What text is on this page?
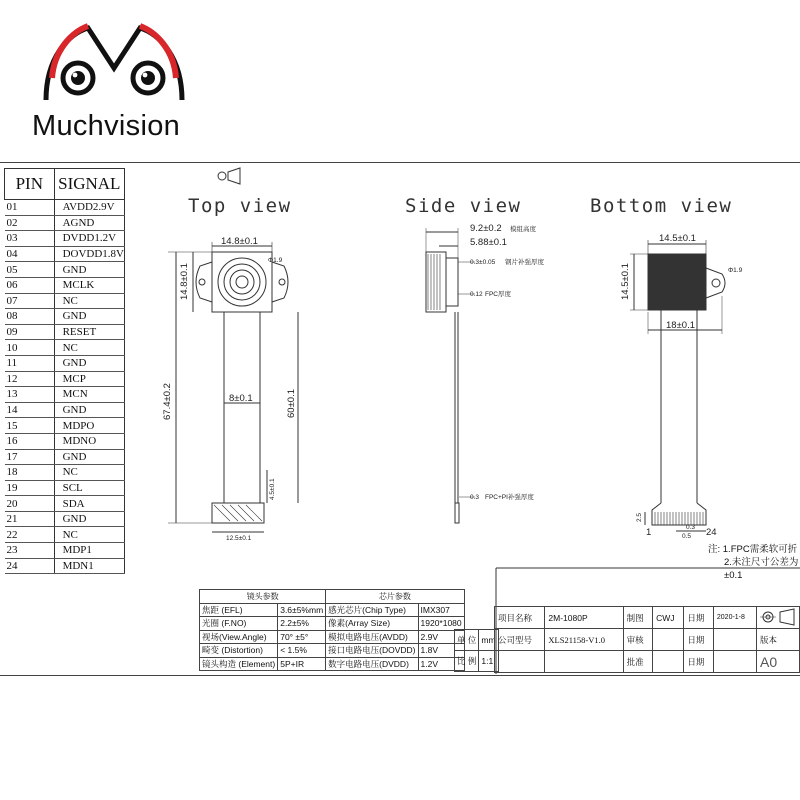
Muchvision
PIN	SIGNAL
01	AVDD2.9V
02	AGND
03	DVDD1.2V
04	DOVDD1.8V
05	GND
06	MCLK
07	NC
08	GND
09	RESET
10	NC
11	GND
12	MCP
13	MCN
14	GND
15	MDPO
16	MDNO
17	GND
18	NC
19	SCL
20	SDA
21	GND
22	NC
23	MDP1
24	MDN1
Top view	Side view	Bottom view
14.8±0.1
14.8±0.1
67.4±0.2	60±0.1
8±0.1
4.5±0.1
12.5±0.1
Φ1.9
9.2±0.2 模组高度
5.88±0.1
0.3±0.05 钢片补强厚度
0.12 FPC厚度
0.3 FPC+PI补强厚度
14.5±0.1
14.5±0.1
18±0.1
Φ1.9
2.5
0.3
0.5
1	24
注: 1.FPC需柔软可折
2.未注尺寸公差为±0.1
镜头参数		芯片参数	
焦距 (EFL)	3.6±5%mm	感光芯片(Chip Type)	IMX307
光圈 (F.NO)	2.2±5%	像素(Array Size)	1920*1080
视场(View.Angle)	70° ±5°	模拟电路电压(AVDD)	2.9V
畸变 (Distortion)	< 1.5%	接口电路电压(DOVDD)	1.8V
镜头构造 (Element)	5P+IR	数字电路电压(DVDD)	1.2V
单 位	mm
比 例	1:1
项目名称	2M-1080P	制图	CWJ	日期	2020-1-8	
公司型号	XLS21158-V1.0	审核		日期		版本
		批准		日期		A0
